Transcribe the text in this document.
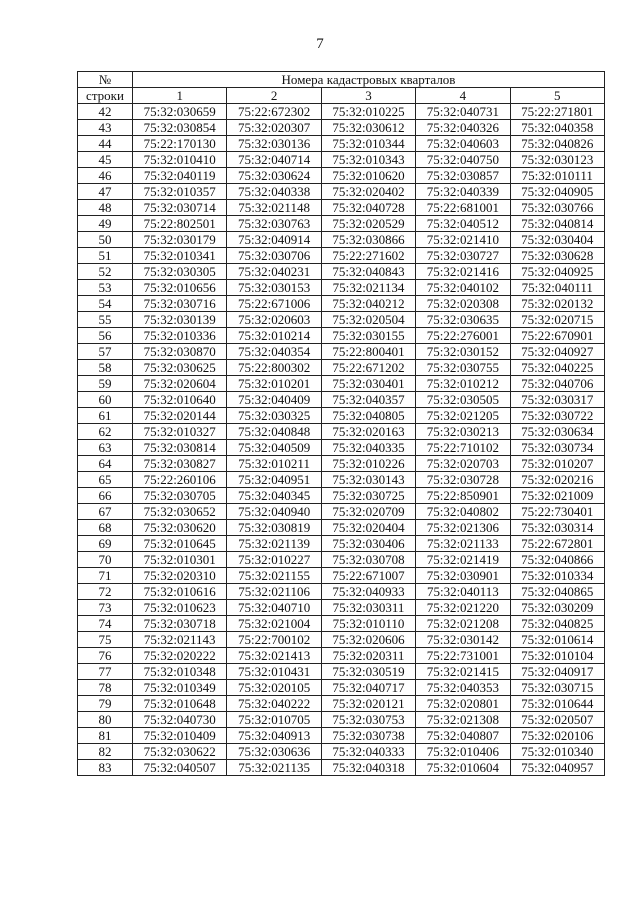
7
№	Номера кадастровых кварталов				
строки	1	2	3	4	5
42	75:32:030659	75:22:672302	75:32:010225	75:32:040731	75:22:271801
43	75:32:030854	75:32:020307	75:32:030612	75:32:040326	75:32:040358
44	75:22:170130	75:32:030136	75:32:010344	75:32:040603	75:32:040826
45	75:32:010410	75:32:040714	75:32:010343	75:32:040750	75:32:030123
46	75:32:040119	75:32:030624	75:32:010620	75:32:030857	75:32:010111
47	75:32:010357	75:32:040338	75:32:020402	75:32:040339	75:32:040905
48	75:32:030714	75:32:021148	75:32:040728	75:22:681001	75:32:030766
49	75:22:802501	75:32:030763	75:32:020529	75:32:040512	75:32:040814
50	75:32:030179	75:32:040914	75:32:030866	75:32:021410	75:32:030404
51	75:32:010341	75:32:030706	75:22:271602	75:32:030727	75:32:030628
52	75:32:030305	75:32:040231	75:32:040843	75:32:021416	75:32:040925
53	75:32:010656	75:32:030153	75:32:021134	75:32:040102	75:32:040111
54	75:32:030716	75:22:671006	75:32:040212	75:32:020308	75:32:020132
55	75:32:030139	75:32:020603	75:32:020504	75:32:030635	75:32:020715
56	75:32:010336	75:32:010214	75:32:030155	75:22:276001	75:22:670901
57	75:32:030870	75:32:040354	75:22:800401	75:32:030152	75:32:040927
58	75:32:030625	75:22:800302	75:22:671202	75:32:030755	75:32:040225
59	75:32:020604	75:32:010201	75:32:030401	75:32:010212	75:32:040706
60	75:32:010640	75:32:040409	75:32:040357	75:32:030505	75:32:030317
61	75:32:020144	75:32:030325	75:32:040805	75:32:021205	75:32:030722
62	75:32:010327	75:32:040848	75:32:020163	75:32:030213	75:32:030634
63	75:32:030814	75:32:040509	75:32:040335	75:22:710102	75:32:030734
64	75:32:030827	75:32:010211	75:32:010226	75:32:020703	75:32:010207
65	75:22:260106	75:32:040951	75:32:030143	75:32:030728	75:32:020216
66	75:32:030705	75:32:040345	75:32:030725	75:22:850901	75:32:021009
67	75:32:030652	75:32:040940	75:32:020709	75:32:040802	75:22:730401
68	75:32:030620	75:32:030819	75:32:020404	75:32:021306	75:32:030314
69	75:32:010645	75:32:021139	75:32:030406	75:32:021133	75:22:672801
70	75:32:010301	75:32:010227	75:32:030708	75:32:021419	75:32:040866
71	75:32:020310	75:32:021155	75:22:671007	75:32:030901	75:32:010334
72	75:32:010616	75:32:021106	75:32:040933	75:32:040113	75:32:040865
73	75:32:010623	75:32:040710	75:32:030311	75:32:021220	75:32:030209
74	75:32:030718	75:32:021004	75:32:010110	75:32:021208	75:32:040825
75	75:32:021143	75:22:700102	75:32:020606	75:32:030142	75:32:010614
76	75:32:020222	75:32:021413	75:32:020311	75:22:731001	75:32:010104
77	75:32:010348	75:32:010431	75:32:030519	75:32:021415	75:32:040917
78	75:32:010349	75:32:020105	75:32:040717	75:32:040353	75:32:030715
79	75:32:010648	75:32:040222	75:32:020121	75:32:020801	75:32:010644
80	75:32:040730	75:32:010705	75:32:030753	75:32:021308	75:32:020507
81	75:32:010409	75:32:040913	75:32:030738	75:32:040807	75:32:020106
82	75:32:030622	75:32:030636	75:32:040333	75:32:010406	75:32:010340
83	75:32:040507	75:32:021135	75:32:040318	75:32:010604	75:32:040957
